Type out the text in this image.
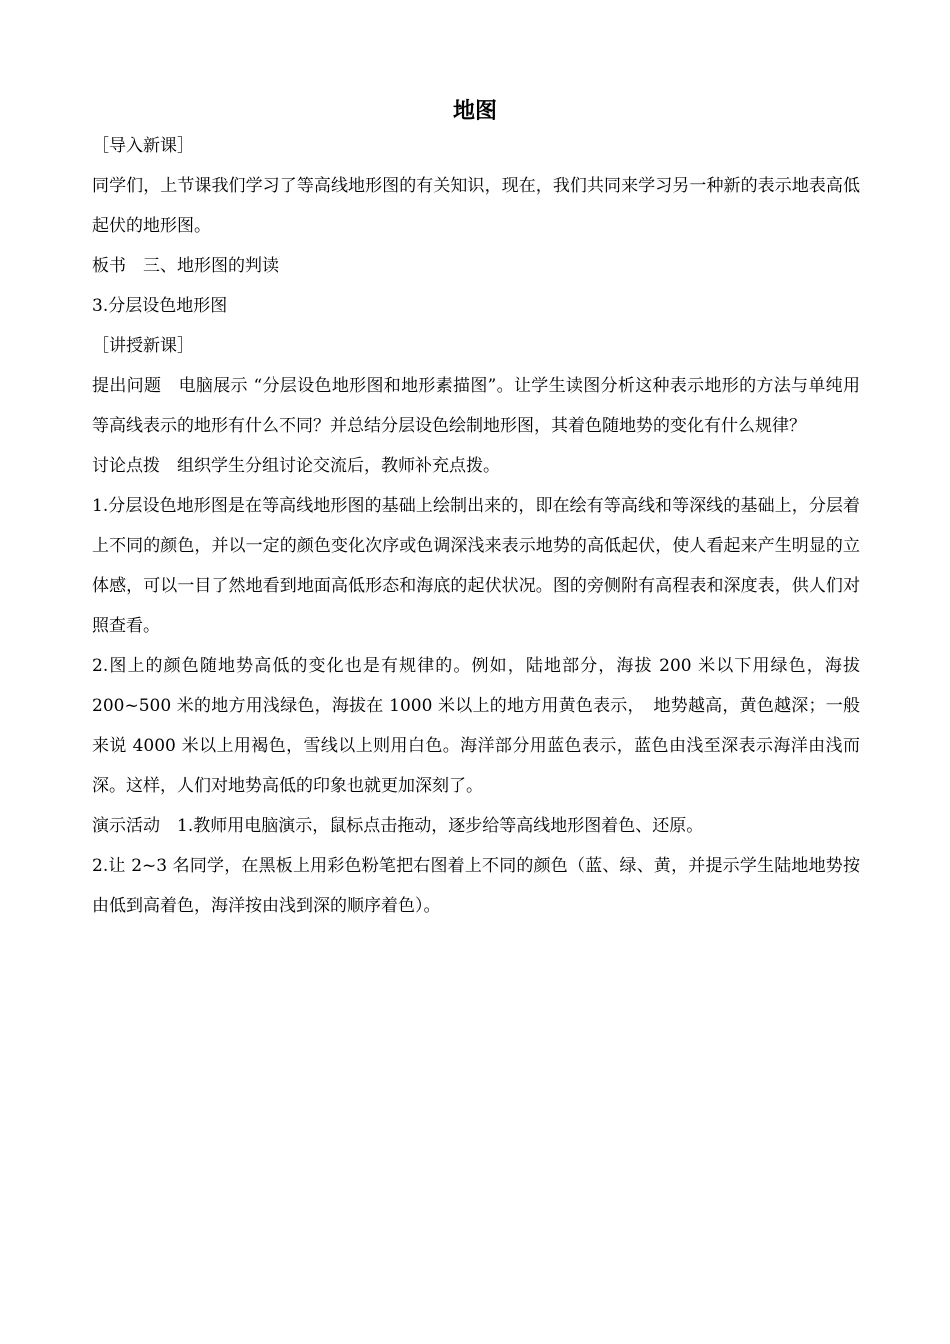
地图

［导入新课］

同学们，上节课我们学习了等高线地形图的有关知识，现在，我们共同来学习另一种新的表示地表高低起伏的地形图。

板书　三、地形图的判读

3.分层设色地形图

［讲授新课］

提出问题　电脑展示 “分层设色地形图和地形素描图”。让学生读图分析这种表示地形的方法与单纯用等高线表示的地形有什么不同？并总结分层设色绘制地形图，其着色随地势的变化有什么规律？

讨论点拨　组织学生分组讨论交流后，教师补充点拨。

1.分层设色地形图是在等高线地形图的基础上绘制出来的，即在绘有等高线和等深线的基础上，分层着上不同的颜色，并以一定的颜色变化次序或色调深浅来表示地势的高低起伏，使人看起来产生明显的立体感，可以一目了然地看到地面高低形态和海底的起伏状况。图的旁侧附有高程表和深度表，供人们对照查看。

2.图上的颜色随地势高低的变化也是有规律的。例如，陆地部分，海拔 200 米以下用绿色，海拔 200~500 米的地方用浅绿色，海拔在 1000 米以上的地方用黄色表示，　地势越高，黄色越深；一般来说 4000 米以上用褐色，雪线以上则用白色。海洋部分用蓝色表示，蓝色由浅至深表示海洋由浅而深。这样，人们对地势高低的印象也就更加深刻了。

演示活动　1.教师用电脑演示，鼠标点击拖动，逐步给等高线地形图着色、还原。

2.让 2~3 名同学，在黑板上用彩色粉笔把右图着上不同的颜色（蓝、绿、黄，并提示学生陆地地势按由低到高着色，海洋按由浅到深的顺序着色）。
